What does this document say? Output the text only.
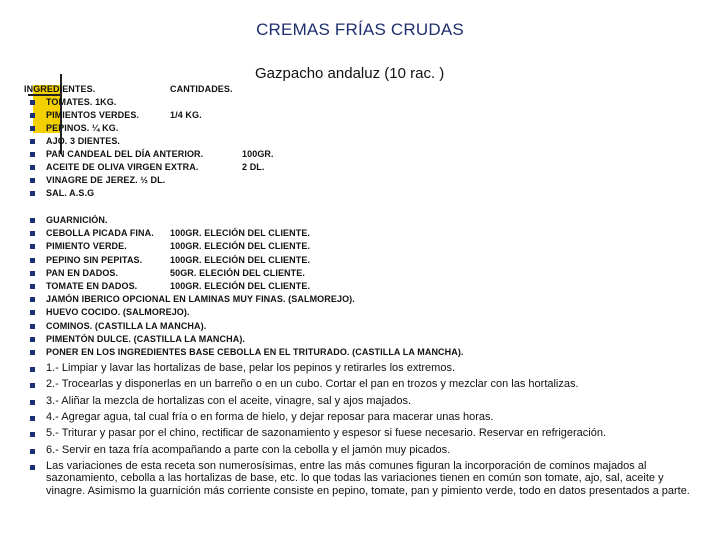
CREMAS FRÍAS CRUDAS
Gazpacho andaluz (10 rac. )
INGREDIENTES.	CANTIDADES.
TOMATES. 1KG.
PIMIENTOS VERDES.	1/4 KG.
PEPINOS. ¼ KG.
AJO. 3 DIENTES.
PAN CANDEAL DEL DÍA ANTERIOR.	100GR.
ACEITE DE OLIVA VIRGEN EXTRA.	2 DL.
VINAGRE DE JEREZ. ½ DL.
SAL. A.S.G
GUARNICIÓN.
CEBOLLA PICADA FINA. 100GR. ELECIÓN DEL CLIENTE.
PIMIENTO VERDE.	100GR. ELECIÓN DEL CLIENTE.
PEPINO SIN PEPITAS.	100GR. ELECIÓN DEL CLIENTE.
PAN EN DADOS.	50GR. ELECIÓN DEL CLIENTE.
TOMATE EN DADOS.	100GR. ELECIÓN DEL CLIENTE.
JAMÓN IBERICO OPCIONAL EN LAMINAS MUY FINAS. (SALMOREJO).
HUEVO COCIDO. (SALMOREJO).
COMINOS. (CASTILLA LA MANCHA).
PIMENTÓN DULCE. (CASTILLA LA MANCHA).
PONER EN LOS INGREDIENTES BASE CEBOLLA EN EL TRITURADO. (CASTILLA LA MANCHA).
1.- Limpiar y lavar las hortalizas de base, pelar los pepinos y retirarles los extremos.
2.- Trocearlas y disponerlas en un barreño o en un cubo. Cortar el pan en trozos y mezclar con las hortalizas.
3.- Aliñar la mezcla de hortalizas con el aceite, vinagre, sal y ajos majados.
4.- Agregar agua, tal cual fría o en forma de hielo, y dejar reposar para macerar unas horas.
5.- Triturar y pasar por el chino, rectificar de sazonamiento y espesor si fuese necesario. Reservar en refrigeración.
6.- Servir en taza fría acompañando a parte con la cebolla y el jamón muy picados.
Las variaciones de esta receta son numerosísimas, entre las más comunes figuran la incorporación de cominos majados al sazonamiento, cebolla a las hortalizas de base, etc. lo que todas las variaciones tienen en común son tomate, ajo, sal, aceite y vinagre. Asimismo la guarnición más corriente consiste en pepino, tomate, pan y pimiento verde, todo en datos presentados a parte.
